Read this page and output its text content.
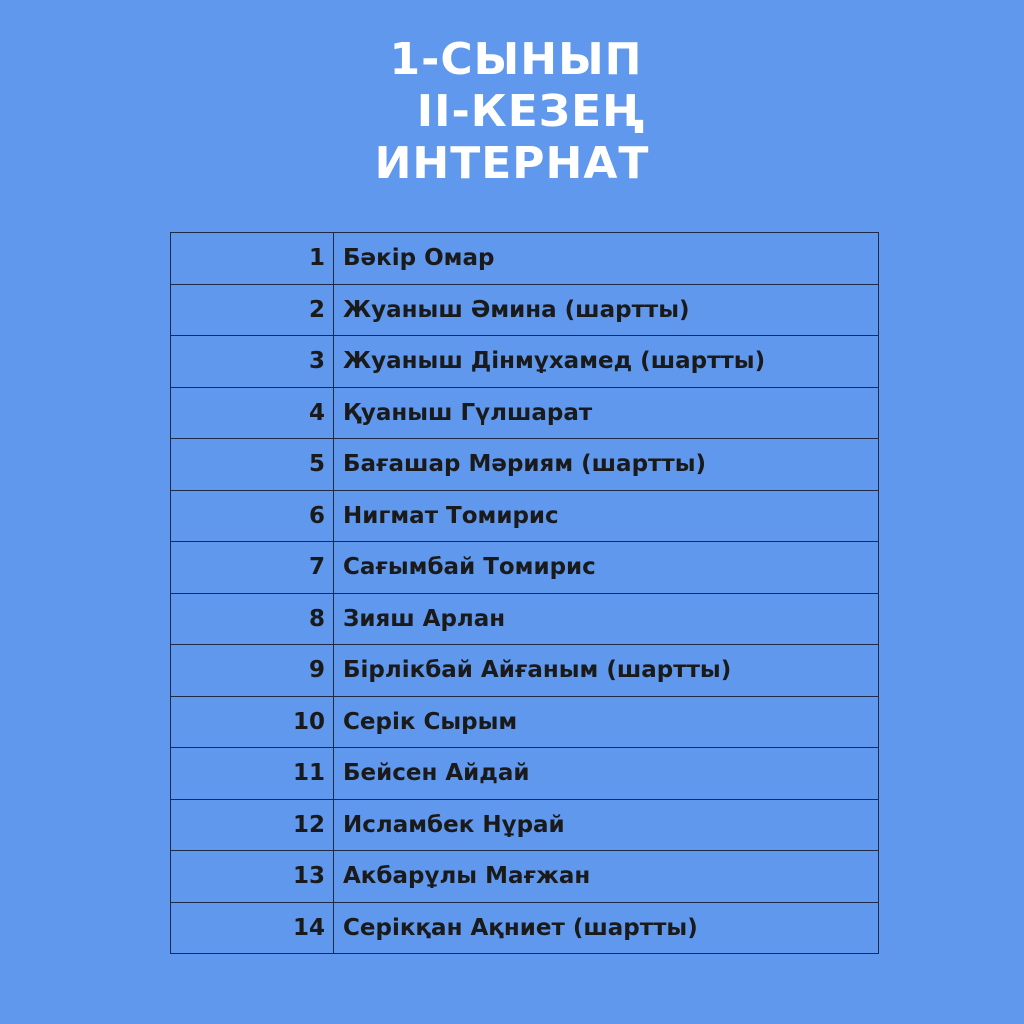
1-СЫНЫП
II-КЕЗЕҢ
ИНТЕРНАТ
1	Бәкір Омар
2	Жуаныш Әмина (шартты)
3	Жуаныш Дінмұхамед (шартты)
4	Қуаныш Гүлшарат
5	Бағашар Мәриям (шартты)
6	Нигмат Томирис
7	Сағымбай Томирис
8	Зияш Арлан
9	Бірлікбай Айғаным (шартты)
10	Серік Сырым
11	Бейсен Айдай
12	Исламбек Нұрай
13	Акбарұлы Мағжан
14	Серікқан Ақниет (шартты)
